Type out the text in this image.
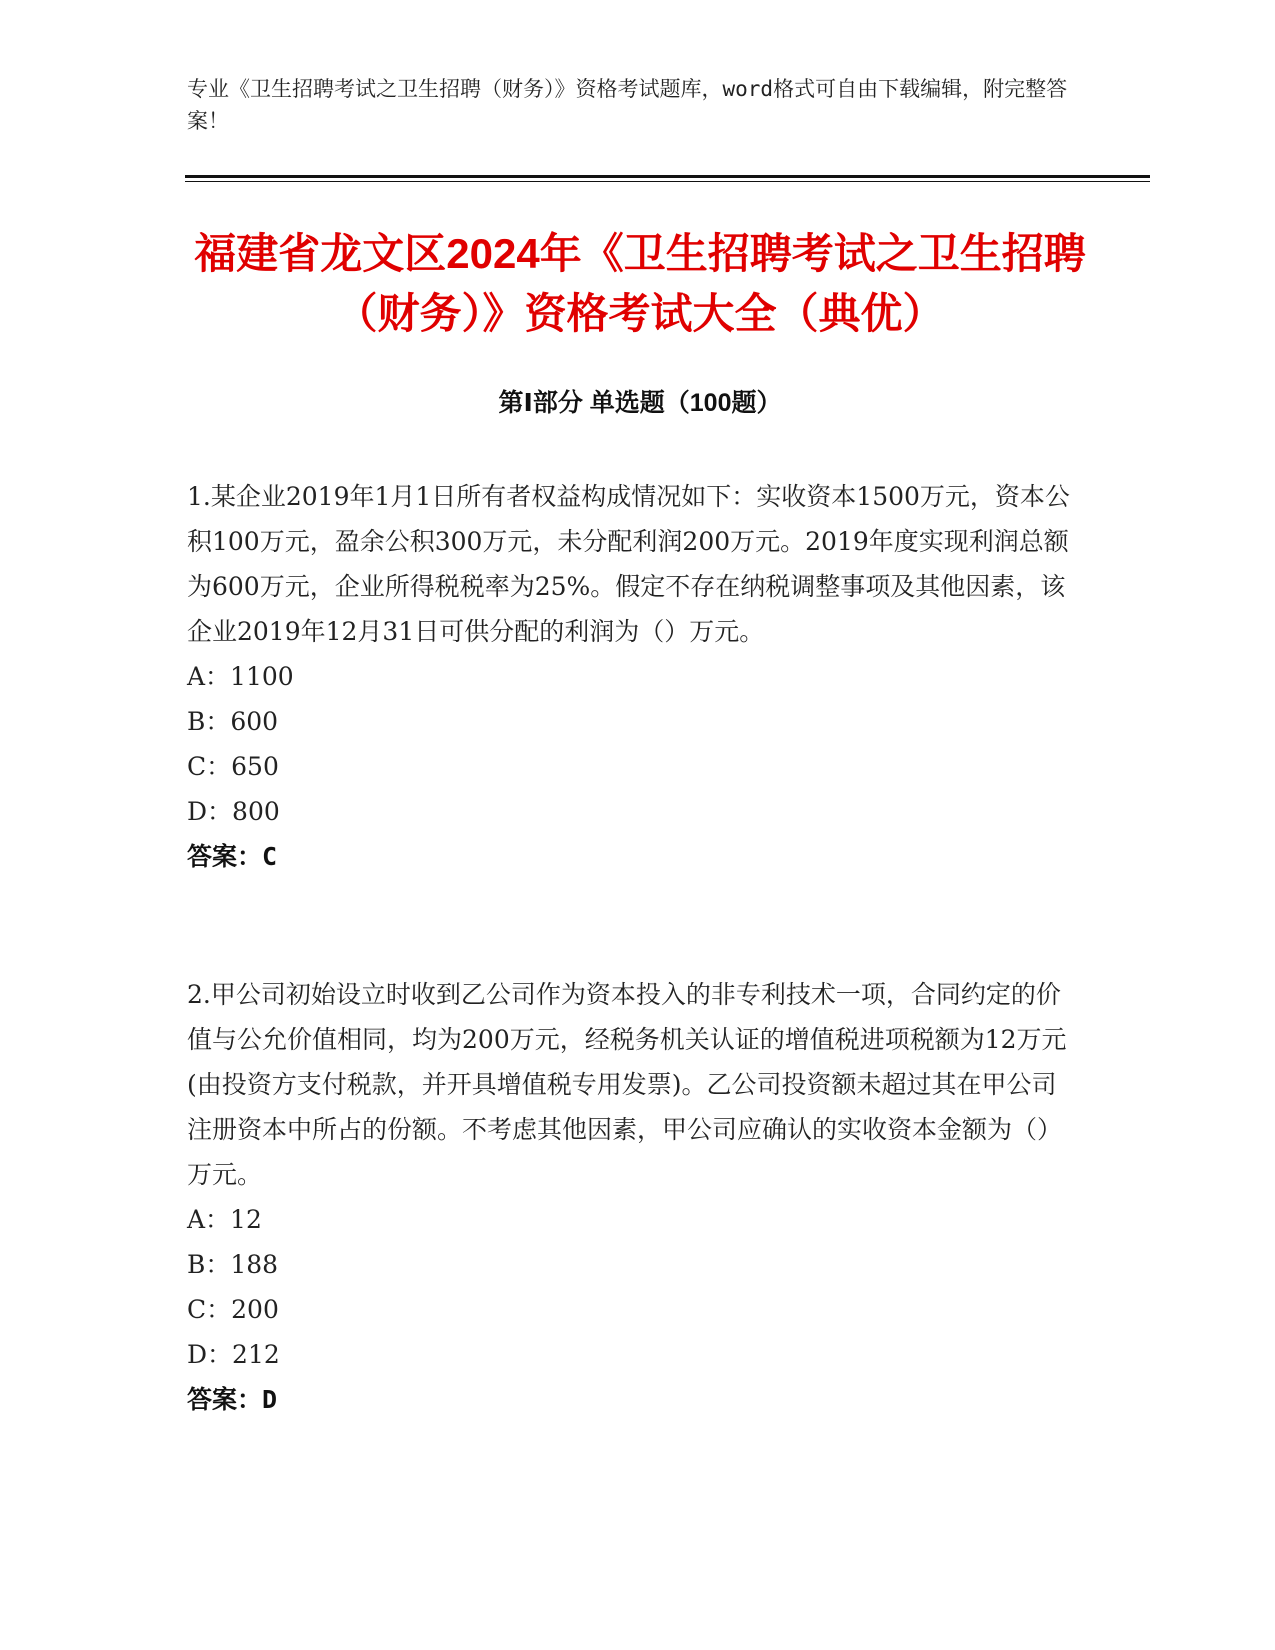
专业《卫生招聘考试之卫生招聘（财务）》资格考试题库，word格式可自由下载编辑，附完整答案！
福建省龙文区2024年《卫生招聘考试之卫生招聘（财务）》资格考试大全（典优）
第Ⅰ部分 单选题（100题）

1.某企业2019年1月1日所有者权益构成情况如下：实收资本1500万元，资本公积100万元，盈余公积300万元，未分配利润200万元。2019年度实现利润总额为600万元，企业所得税税率为25%。假定不存在纳税调整事项及其他因素，该企业2019年12月31日可供分配的利润为（）万元。

A：1100

B：600

C：650

D：800

答案：C

2.甲公司初始设立时收到乙公司作为资本投入的非专利技术一项，合同约定的价值与公允价值相同，均为200万元，经税务机关认证的增值税进项税额为12万元(由投资方支付税款，并开具增值税专用发票)。乙公司投资额未超过其在甲公司注册资本中所占的份额。不考虑其他因素，甲公司应确认的实收资本金额为（）万元。

A：12

B：188

C：200

D：212

答案：D
